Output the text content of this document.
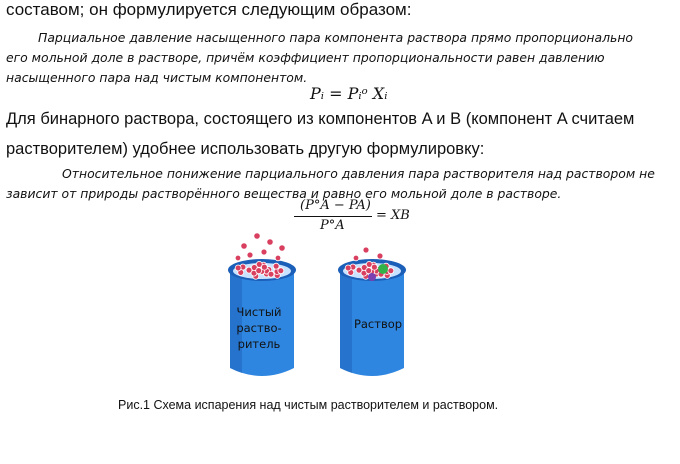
составом; он формулируется следующим образом:
Парциальное давление насыщенного пара компонента раствора прямо пропорционально
его мольной доле в растворе, причём коэффициент пропорциональности равен давлению
насыщенного пара над чистым компонентом.
Pᵢ = Pᵢᵒ Xᵢ
Для бинарного раствора, состоящего из компонентов A и B (компонент A считаем
растворителем) удобнее использовать другую формулировку:
Относительное понижение парциального давления пара растворителя над раствором не
зависит от природы растворённого вещества и равно его мольной доле в растворе.
(P°A − PA)
P°A
= XB
Чистый
раство-
ритель
Раствор
Рис.1 Схема испарения над чистым растворителем и раствором.
